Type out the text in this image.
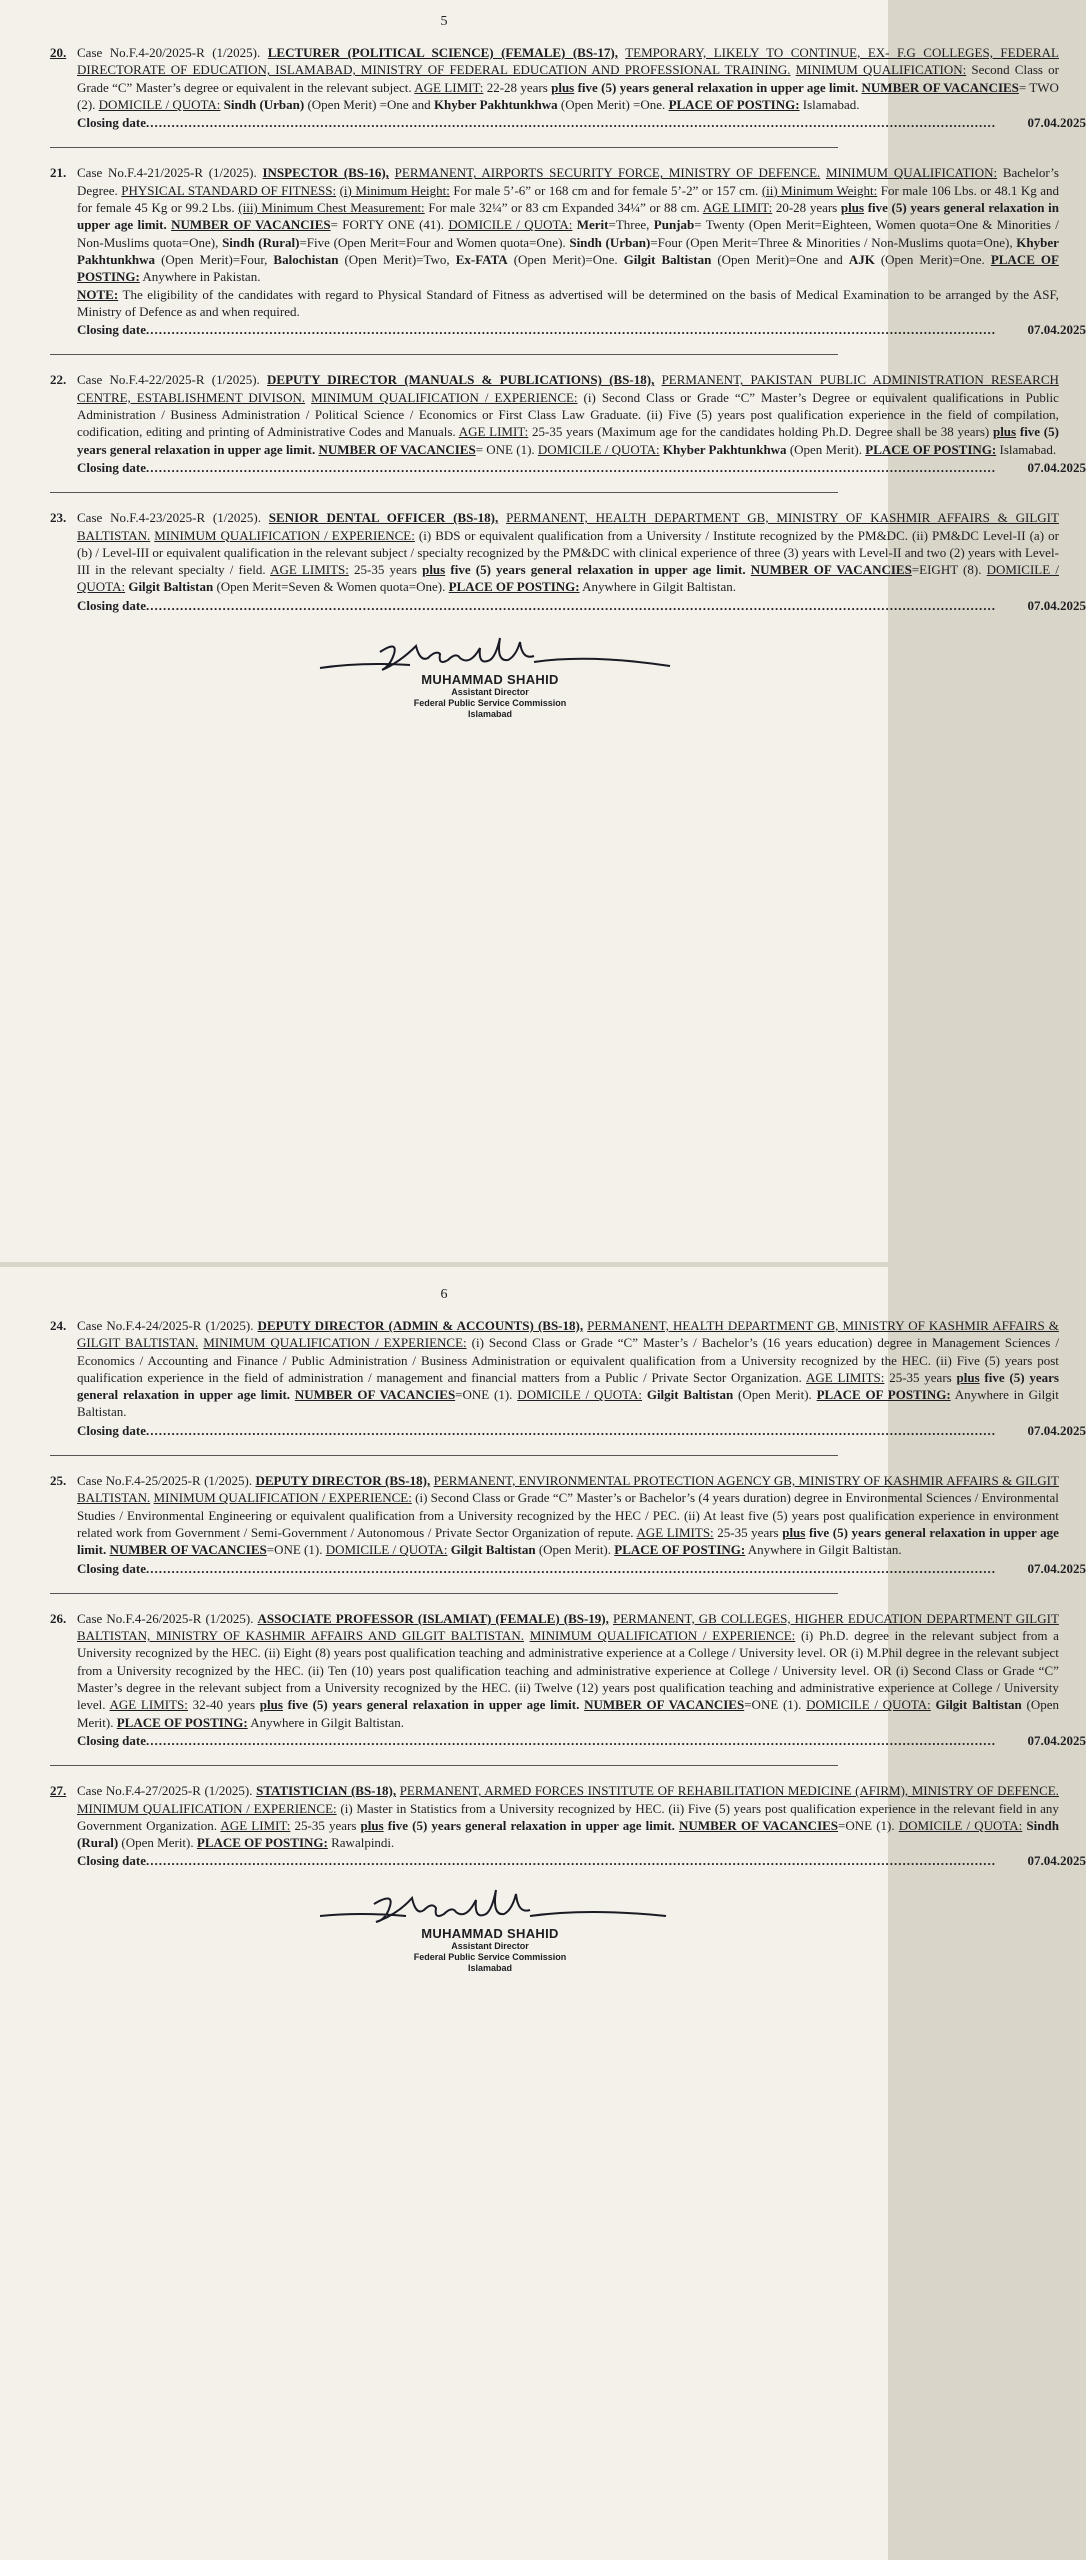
5
20. Case No.F.4-20/2025-R (1/2025). LECTURER (POLITICAL SCIENCE) (FEMALE) (BS-17), TEMPORARY, LIKELY TO CONTINUE, EX- F.G COLLEGES, FEDERAL DIRECTORATE OF EDUCATION, ISLAMABAD, MINISTRY OF FEDERAL EDUCATION AND PROFESSIONAL TRAINING. MINIMUM QUALIFICATION: Second Class or Grade “C” Master’s degree or equivalent in the relevant subject. AGE LIMIT: 22-28 years plus five (5) years general relaxation in upper age limit. NUMBER OF VACANCIES= TWO (2). DOMICILE / QUOTA: Sindh (Urban) (Open Merit) =One and Khyber Pakhtunkhwa (Open Merit) =One. PLACE OF POSTING: Islamabad.
Closing date .....	07.04.2025
21. Case No.F.4-21/2025-R (1/2025). INSPECTOR (BS-16), PERMANENT, AIRPORTS SECURITY FORCE, MINISTRY OF DEFENCE. MINIMUM QUALIFICATION: Bachelor’s Degree. PHYSICAL STANDARD OF FITNESS: (i) Minimum Height: For male 5’-6” or 168 cm and for female 5’-2” or 157 cm. (ii) Minimum Weight: For male 106 Lbs. or 48.1 Kg and for female 45 Kg or 99.2 Lbs. (iii) Minimum Chest Measurement: For male 32¼” or 83 cm Expanded 34¼” or 88 cm. AGE LIMIT: 20-28 years plus five (5) years general relaxation in upper age limit. NUMBER OF VACANCIES= FORTY ONE (41). DOMICILE / QUOTA: Merit=Three, Punjab= Twenty (Open Merit=Eighteen, Women quota=One & Minorities / Non-Muslims quota=One), Sindh (Rural)=Five (Open Merit=Four and Women quota=One). Sindh (Urban)=Four (Open Merit=Three & Minorities / Non-Muslims quota=One), Khyber Pakhtunkhwa (Open Merit)=Four, Balochistan (Open Merit)=Two, Ex-FATA (Open Merit)=One. Gilgit Baltistan (Open Merit)=One and AJK (Open Merit)=One. PLACE OF POSTING: Anywhere in Pakistan.
NOTE: The eligibility of the candidates with regard to Physical Standard of Fitness as advertised will be determined on the basis of Medical Examination to be arranged by the ASF, Ministry of Defence as and when required.
Closing date .....	07.04.2025
22. Case No.F.4-22/2025-R (1/2025). DEPUTY DIRECTOR (MANUALS & PUBLICATIONS) (BS-18), PERMANENT, PAKISTAN PUBLIC ADMINISTRATION RESEARCH CENTRE, ESTABLISHMENT DIVISON. MINIMUM QUALIFICATION / EXPERIENCE: (i) Second Class or Grade “C” Master’s Degree or equivalent qualifications in Public Administration / Business Administration / Political Science / Economics or First Class Law Graduate. (ii) Five (5) years post qualification experience in the field of compilation, codification, editing and printing of Administrative Codes and Manuals. AGE LIMIT: 25-35 years (Maximum age for the candidates holding Ph.D. Degree shall be 38 years) plus five (5) years general relaxation in upper age limit. NUMBER OF VACANCIES= ONE (1). DOMICILE / QUOTA: Khyber Pakhtunkhwa (Open Merit). PLACE OF POSTING: Islamabad.
Closing date .....	07.04.2025
23. Case No.F.4-23/2025-R (1/2025). SENIOR DENTAL OFFICER (BS-18), PERMANENT, HEALTH DEPARTMENT GB, MINISTRY OF KASHMIR AFFAIRS & GILGIT BALTISTAN. MINIMUM QUALIFICATION / EXPERIENCE: (i) BDS or equivalent qualification from a University / Institute recognized by the PM&DC. (ii) PM&DC Level-II (a) or (b) / Level-III or equivalent qualification in the relevant subject / specialty recognized by the PM&DC with clinical experience of three (3) years with Level-II and two (2) years with Level-III in the relevant specialty / field. AGE LIMITS: 25-35 years plus five (5) years general relaxation in upper age limit. NUMBER OF VACANCIES=EIGHT (8). DOMICILE / QUOTA: Gilgit Baltistan (Open Merit=Seven & Women quota=One). PLACE OF POSTING: Anywhere in Gilgit Baltistan.
Closing date .....	07.04.2025
MUHAMMAD SHAHID
Assistant Director
Federal Public Service Commission
Islamabad
6
24. Case No.F.4-24/2025-R (1/2025). DEPUTY DIRECTOR (ADMIN & ACCOUNTS) (BS-18), PERMANENT, HEALTH DEPARTMENT GB, MINISTRY OF KASHMIR AFFAIRS & GILGIT BALTISTAN. MINIMUM QUALIFICATION / EXPERIENCE: (i) Second Class or Grade “C” Master’s / Bachelor’s (16 years education) degree in Management Sciences / Economics / Accounting and Finance / Public Administration / Business Administration or equivalent qualification from a University recognized by the HEC. (ii) Five (5) years post qualification experience in the field of administration / management and financial matters from a Public / Private Sector Organization. AGE LIMITS: 25-35 years plus five (5) years general relaxation in upper age limit. NUMBER OF VACANCIES=ONE (1). DOMICILE / QUOTA: Gilgit Baltistan (Open Merit). PLACE OF POSTING: Anywhere in Gilgit Baltistan.
Closing date .....	07.04.2025
25. Case No.F.4-25/2025-R (1/2025). DEPUTY DIRECTOR (BS-18), PERMANENT, ENVIRONMENTAL PROTECTION AGENCY GB, MINISTRY OF KASHMIR AFFAIRS & GILGIT BALTISTAN. MINIMUM QUALIFICATION / EXPERIENCE: (i) Second Class or Grade “C” Master’s or Bachelor’s (4 years duration) degree in Environmental Sciences / Environmental Studies / Environmental Engineering or equivalent qualification from a University recognized by the HEC / PEC. (ii) At least five (5) years post qualification experience in environment related work from Government / Semi-Government / Autonomous / Private Sector Organization of repute. AGE LIMITS: 25-35 years plus five (5) years general relaxation in upper age limit. NUMBER OF VACANCIES=ONE (1). DOMICILE / QUOTA: Gilgit Baltistan (Open Merit). PLACE OF POSTING: Anywhere in Gilgit Baltistan.
Closing date .....	07.04.2025
26. Case No.F.4-26/2025-R (1/2025). ASSOCIATE PROFESSOR (ISLAMIAT) (FEMALE) (BS-19), PERMANENT, GB COLLEGES, HIGHER EDUCATION DEPARTMENT GILGIT BALTISTAN, MINISTRY OF KASHMIR AFFAIRS AND GILGIT BALTISTAN. MINIMUM QUALIFICATION / EXPERIENCE: (i) Ph.D. degree in the relevant subject from a University recognized by the HEC. (ii) Eight (8) years post qualification teaching and administrative experience at a College / University level. OR (i) M.Phil degree in the relevant subject from a University recognized by the HEC. (ii) Ten (10) years post qualification teaching and administrative experience at College / University level. OR (i) Second Class or Grade “C” Master’s degree in the relevant subject from a University recognized by the HEC. (ii) Twelve (12) years post qualification teaching and administrative experience at College / University level. AGE LIMITS: 32-40 years plus five (5) years general relaxation in upper age limit. NUMBER OF VACANCIES=ONE (1). DOMICILE / QUOTA: Gilgit Baltistan (Open Merit). PLACE OF POSTING: Anywhere in Gilgit Baltistan.
Closing date .....	07.04.2025
27. Case No.F.4-27/2025-R (1/2025). STATISTICIAN (BS-18), PERMANENT, ARMED FORCES INSTITUTE OF REHABILITATION MEDICINE (AFIRM), MINISTRY OF DEFENCE. MINIMUM QUALIFICATION / EXPERIENCE: (i) Master in Statistics from a University recognized by HEC. (ii) Five (5) years post qualification experience in the relevant field in any Government Organization. AGE LIMIT: 25-35 years plus five (5) years general relaxation in upper age limit. NUMBER OF VACANCIES=ONE (1). DOMICILE / QUOTA: Sindh (Rural) (Open Merit). PLACE OF POSTING: Rawalpindi.
Closing date .....	07.04.2025
MUHAMMAD SHAHID
Assistant Director
Federal Public Service Commission
Islamabad
